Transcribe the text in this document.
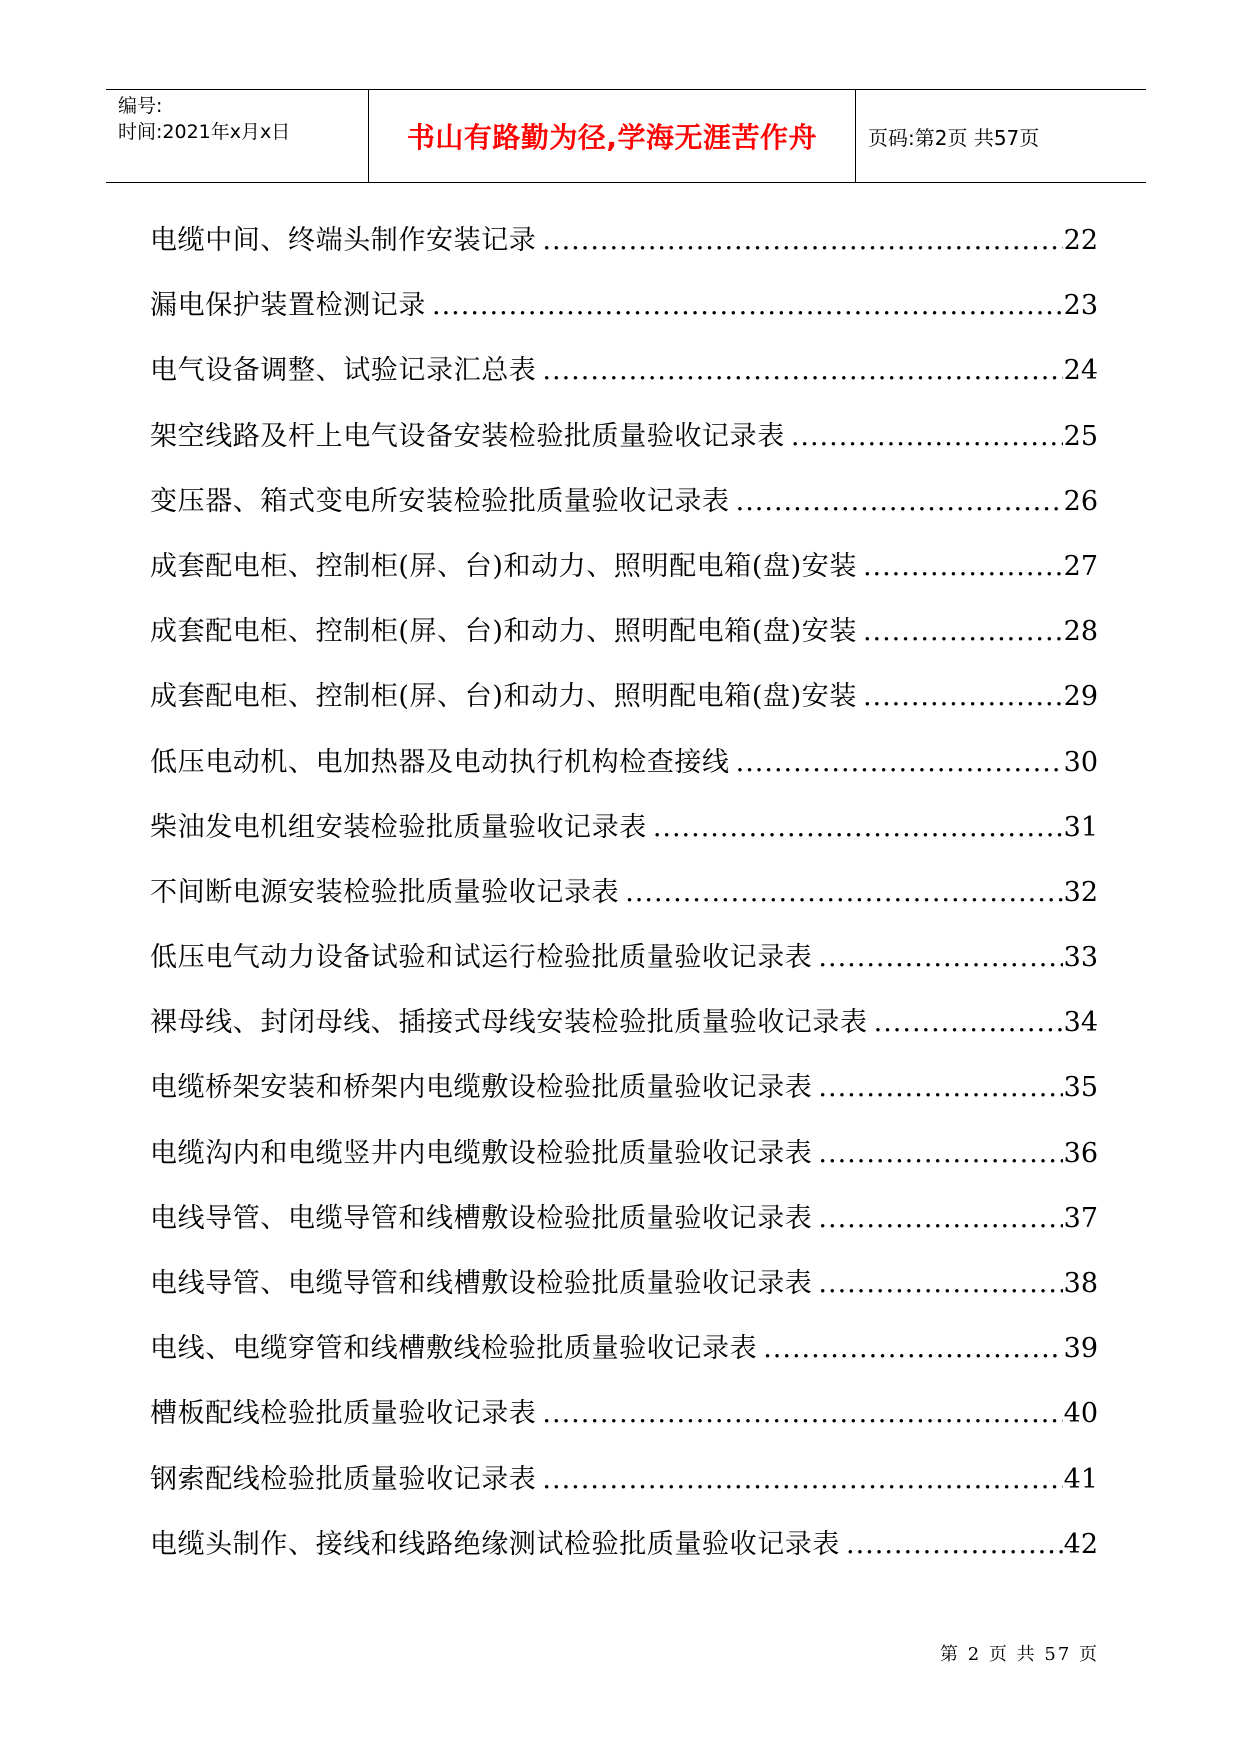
编号:
时间:2021年x月x日	书山有路勤为径,学海无涯苦作舟	页码:第2页 共57页
电缆中间、终端头制作安装记录 .....	22
漏电保护装置检测记录 .....	23
电气设备调整、试验记录汇总表 .....	24
架空线路及杆上电气设备安装检验批质量验收记录表 .....	25
变压器、箱式变电所安装检验批质量验收记录表 .....	26
成套配电柜、控制柜(屏、台)和动力、照明配电箱(盘)安装 .....	27
成套配电柜、控制柜(屏、台)和动力、照明配电箱(盘)安装 .....	28
成套配电柜、控制柜(屏、台)和动力、照明配电箱(盘)安装 .....	29
低压电动机、电加热器及电动执行机构检查接线 .....	30
柴油发电机组安装检验批质量验收记录表 .....	31
不间断电源安装检验批质量验收记录表 .....	32
低压电气动力设备试验和试运行检验批质量验收记录表 .....	33
裸母线、封闭母线、插接式母线安装检验批质量验收记录表 .....	34
电缆桥架安装和桥架内电缆敷设检验批质量验收记录表 .....	35
电缆沟内和电缆竖井内电缆敷设检验批质量验收记录表 .....	36
电线导管、电缆导管和线槽敷设检验批质量验收记录表 .....	37
电线导管、电缆导管和线槽敷设检验批质量验收记录表 .....	38
电线、电缆穿管和线槽敷线检验批质量验收记录表 .....	39
槽板配线检验批质量验收记录表 .....	40
钢索配线检验批质量验收记录表 .....	41
电缆头制作、接线和线路绝缘测试检验批质量验收记录表 .....	42
第 2 页 共 57 页
